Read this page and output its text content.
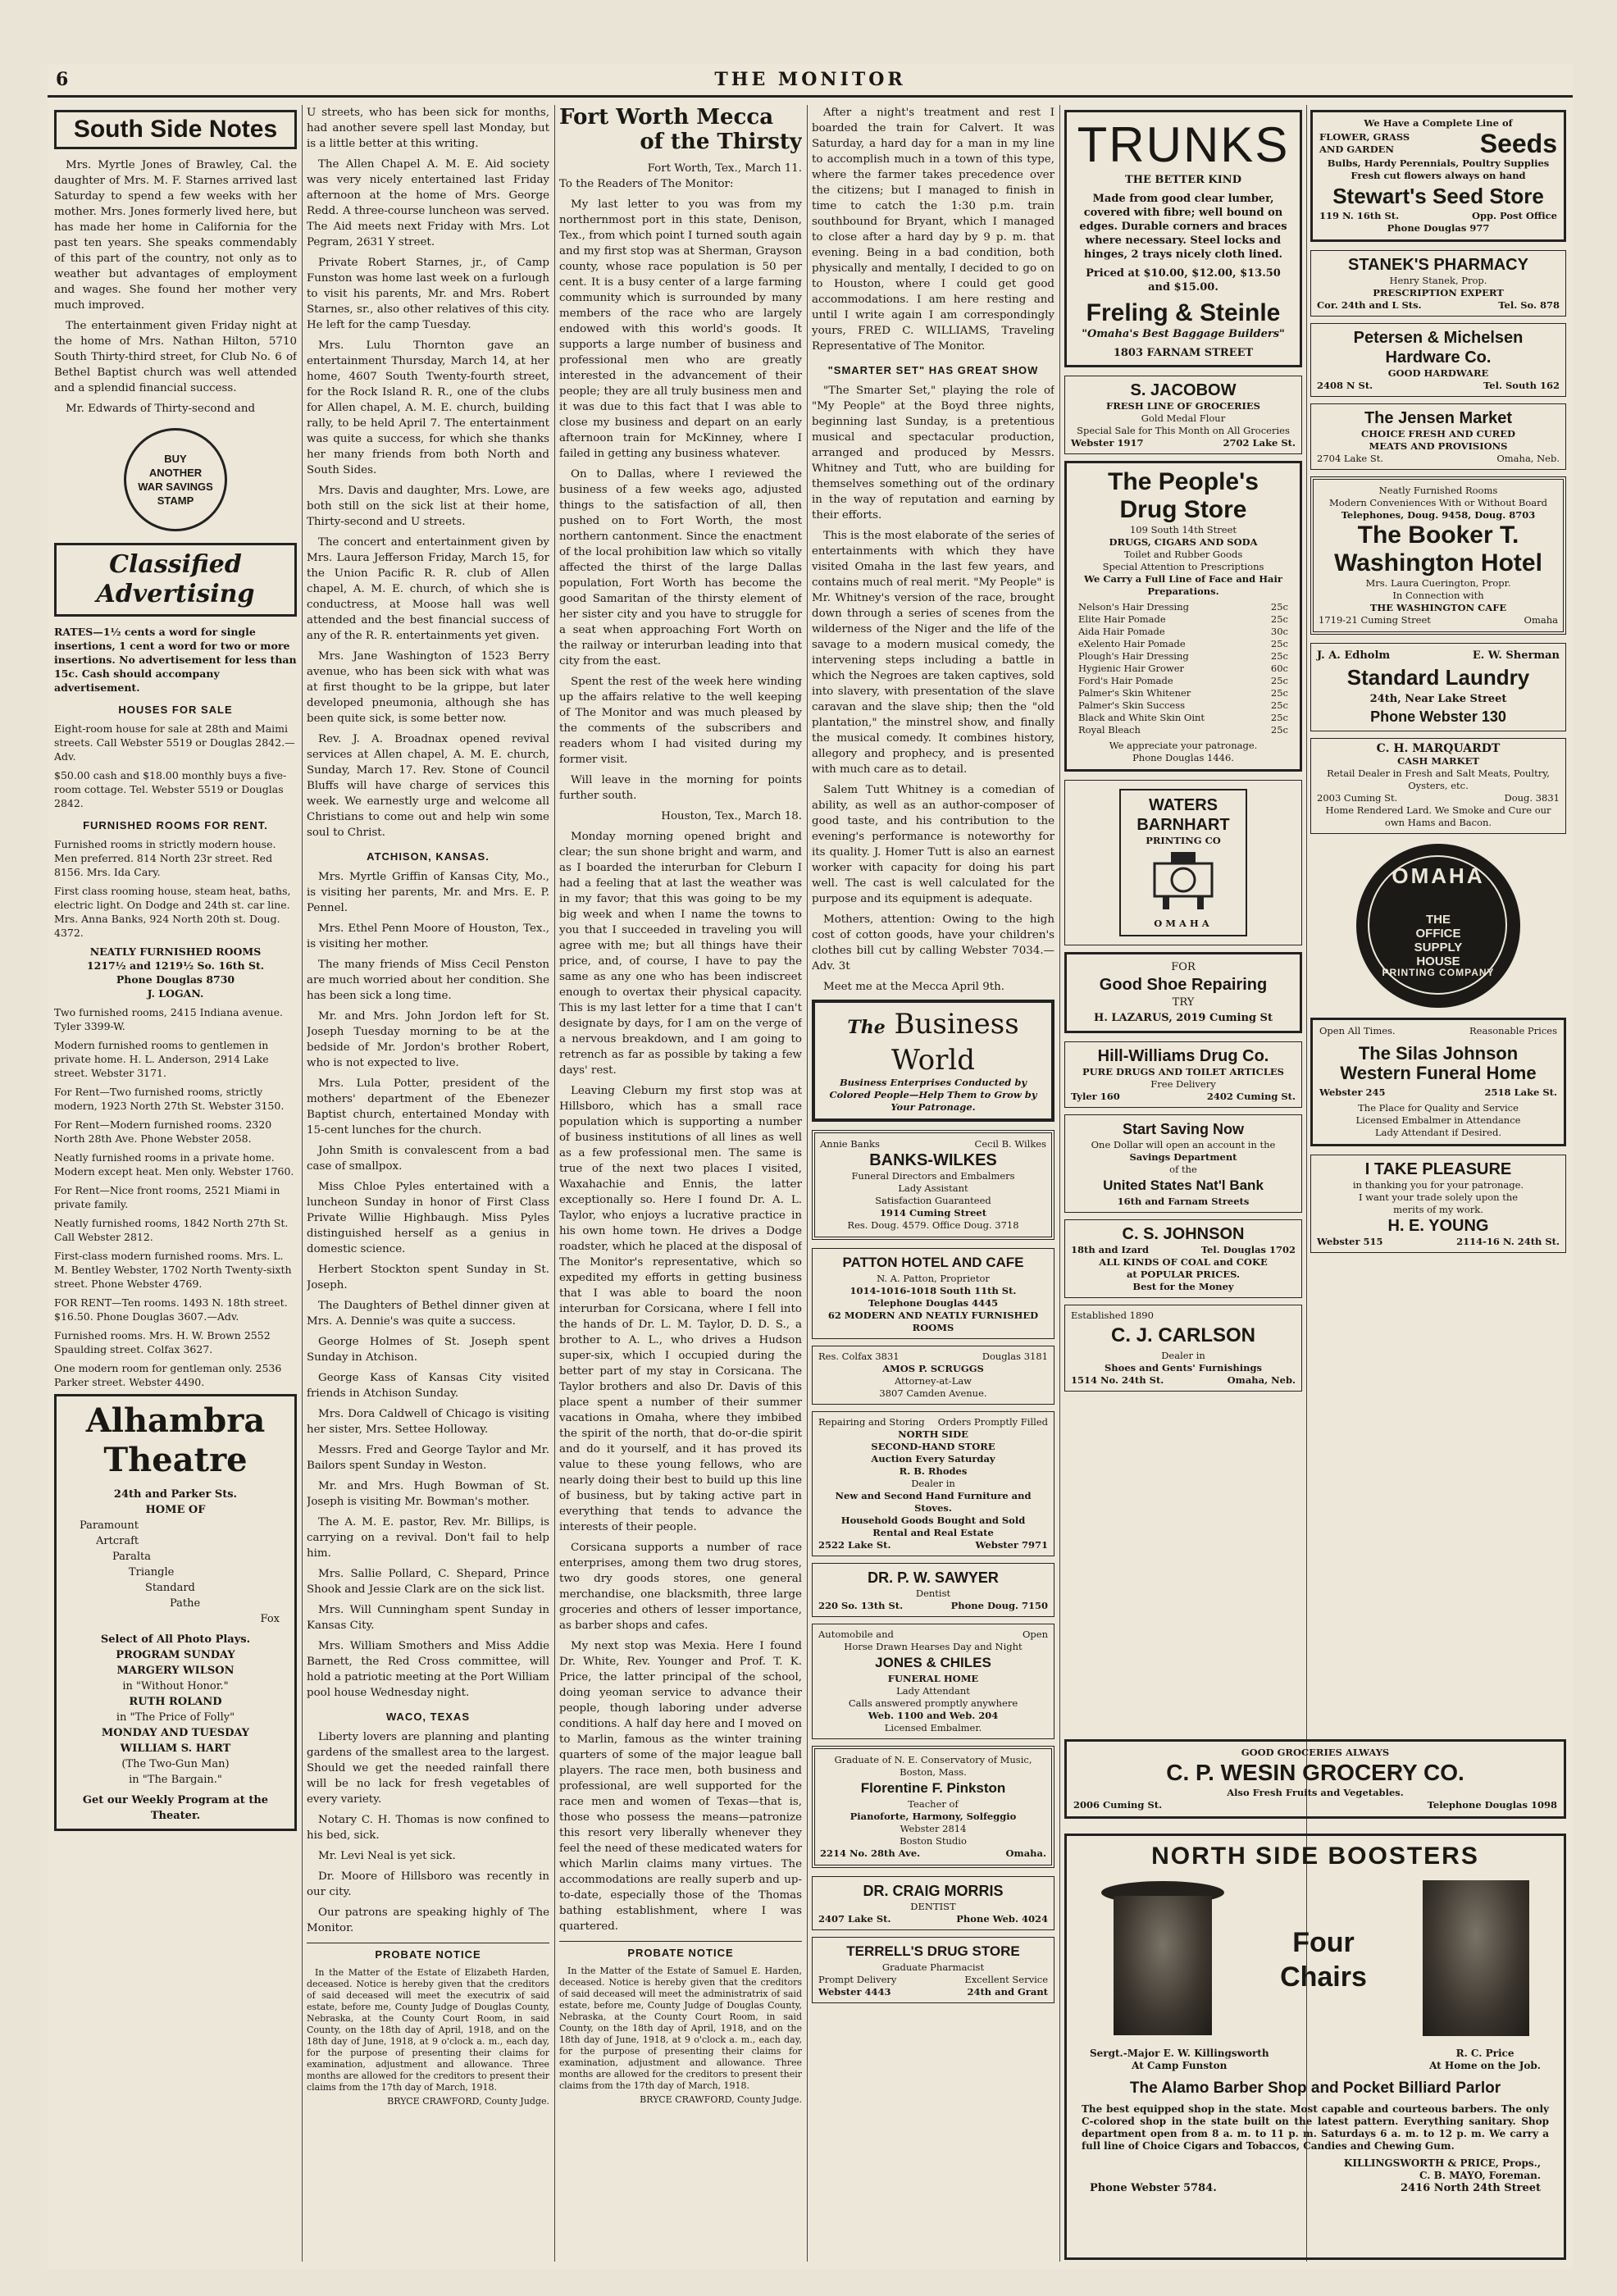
6	THE MONITOR
South Side Notes

Mrs. Myrtle Jones of Brawley, Cal. the daughter of Mrs. M. F. Starnes arrived last Saturday to spend a few weeks with her mother. Mrs. Jones formerly lived here, but has made her home in California for the past ten years. She speaks commendably of this part of the country, not only as to weather but advantages of employment and wages. She found her mother very much improved.

The entertainment given Friday night at the home of Mrs. Nathan Hilton, 5710 South Thirty-third street, for Club No. 6 of Bethel Baptist church was well attended and a splendid financial success.

Mr. Edwards of Thirty-second and

BUY
ANOTHER
WAR SAVINGS
STAMP
Classified
Advertising

RATES—1½ cents a word for single insertions, 1 cent a word for two or more insertions. No advertisement for less than 15c. Cash should accompany advertisement.

HOUSES FOR SALE

Eight-room house for sale at 28th and Maimi streets. Call Webster 5519 or Douglas 2842.—Adv.

$50.00 cash and $18.00 monthly buys a five-room cottage. Tel. Webster 5519 or Douglas 2842.

FURNISHED ROOMS FOR RENT.

Furnished rooms in strictly modern house. Men preferred. 814 North 23r street. Red 8156. Mrs. Ida Cary.

First class rooming house, steam heat, baths, electric light. On Dodge and 24th st. car line. Mrs. Anna Banks, 924 North 20th st. Doug. 4372.

NEATLY FURNISHED ROOMS
1217½ and 1219½ So. 16th St.
Phone Douglas 8730
J. LOGAN.

Two furnished rooms, 2415 Indiana avenue. Tyler 3399-W.

Modern furnished rooms to gentlemen in private home. H. L. Anderson, 2914 Lake street. Webster 3171.

For Rent—Two furnished rooms, strictly modern, 1923 North 27th St. Webster 3150.

For Rent—Modern furnished rooms. 2320 North 28th Ave. Phone Webster 2058.

Neatly furnished rooms in a private home. Modern except heat. Men only. Webster 1760.

For Rent—Nice front rooms, 2521 Miami in private family.

Neatly furnished rooms, 1842 North 27th St. Call Webster 2812.

First-class modern furnished rooms. Mrs. L. M. Bentley Webster, 1702 North Twenty-sixth street. Phone Webster 4769.

FOR RENT—Ten rooms. 1493 N. 18th street. $16.50. Phone Douglas 3607.—Adv.

Furnished rooms. Mrs. H. W. Brown 2552 Spaulding street. Colfax 3627.

One modern room for gentleman only. 2536 Parker street. Webster 4490.

Alhambra
Theatre
24th and Parker Sts.
HOME OF
Paramount
Artcraft
Paralta
Triangle
Standard
Pathe
Fox
Select of All Photo Plays.
PROGRAM SUNDAY
MARGERY WILSON
in "Without Honor."
RUTH ROLAND
in "The Price of Folly"
MONDAY AND TUESDAY
WILLIAM S. HART
(The Two-Gun Man)
in "The Bargain."
Get our Weekly Program at the Theater.

U streets, who has been sick for months, had another severe spell last Monday, but is a little better at this writing.

The Allen Chapel A. M. E. Aid society was very nicely entertained last Friday afternoon at the home of Mrs. George Redd. A three-course luncheon was served. The Aid meets next Friday with Mrs. Lot Pegram, 2631 Y street.

Private Robert Starnes, jr., of Camp Funston was home last week on a furlough to visit his parents, Mr. and Mrs. Robert Starnes, sr., also other relatives of this city. He left for the camp Tuesday.

Mrs. Lulu Thornton gave an entertainment Thursday, March 14, at her home, 4607 South Twenty-fourth street, for the Rock Island R. R., one of the clubs for Allen chapel, A. M. E. church, building rally, to be held April 7. The entertainment was quite a success, for which she thanks her many friends from both North and South Sides.

Mrs. Davis and daughter, Mrs. Lowe, are both still on the sick list at their home, Thirty-second and U streets.

The concert and entertainment given by Mrs. Laura Jefferson Friday, March 15, for the Union Pacific R. R. club of Allen chapel, A. M. E. church, of which she is conductress, at Moose hall was well attended and the best financial success of any of the R. R. entertainments yet given.

Mrs. Jane Washington of 1523 Berry avenue, who has been sick with what was at first thought to be la grippe, but later developed pneumonia, although she has been quite sick, is some better now.

Rev. J. A. Broadnax opened revival services at Allen chapel, A. M. E. church, Sunday, March 17. Rev. Stone of Council Bluffs will have charge of services this week. We earnestly urge and welcome all Christians to come out and help win some soul to Christ.

ATCHISON, KANSAS.

Mrs. Myrtle Griffin of Kansas City, Mo., is visiting her parents, Mr. and Mrs. E. P. Pennel.

Mrs. Ethel Penn Moore of Houston, Tex., is visiting her mother.

The many friends of Miss Cecil Penston are much worried about her condition. She has been sick a long time.

Mr. and Mrs. John Jordon left for St. Joseph Tuesday morning to be at the bedside of Mr. Jordon's brother Robert, who is not expected to live.

Mrs. Lula Potter, president of the mothers' department of the Ebenezer Baptist church, entertained Monday with 15-cent lunches for the church.

John Smith is convalescent from a bad case of smallpox.

Miss Chloe Pyles entertained with a luncheon Sunday in honor of First Class Private Willie Highbaugh. Miss Pyles distinguished herself as a genius in domestic science.

Herbert Stockton spent Sunday in St. Joseph.

The Daughters of Bethel dinner given at Mrs. A. Dennie's was quite a success.

George Holmes of St. Joseph spent Sunday in Atchison.

George Kass of Kansas City visited friends in Atchison Sunday.

Mrs. Dora Caldwell of Chicago is visiting her sister, Mrs. Settee Holloway.

Messrs. Fred and George Taylor and Mr. Bailors spent Sunday in Weston.

Mr. and Mrs. Hugh Bowman of St. Joseph is visiting Mr. Bowman's mother.

The A. M. E. pastor, Rev. Mr. Billips, is carrying on a revival. Don't fail to help him.

Mrs. Sallie Pollard, C. Shepard, Prince Shook and Jessie Clark are on the sick list.

Mrs. Will Cunningham spent Sunday in Kansas City.

Mrs. William Smothers and Miss Addie Barnett, the Red Cross committee, will hold a patriotic meeting at the Port William pool house Wednesday night.

WACO, TEXAS

Liberty lovers are planning and planting gardens of the smallest area to the largest. Should we get the needed rainfall there will be no lack for fresh vegetables of every variety.

Notary C. H. Thomas is now confined to his bed, sick.

Mr. Levi Neal is yet sick.

Dr. Moore of Hillsboro was recently in our city.

Our patrons are speaking highly of The Monitor.

PROBATE NOTICE

In the Matter of the Estate of Elizabeth Harden, deceased. Notice is hereby given that the creditors of said deceased will meet the executrix of said estate, before me, County Judge of Douglas County, Nebraska, at the County Court Room, in said County, on the 18th day of April, 1918, and on the 18th day of June, 1918, at 9 o'clock a. m., each day, for the purpose of presenting their claims for examination, adjustment and allowance. Three months are allowed for the creditors to present their claims from the 17th day of March, 1918.

BRYCE CRAWFORD, County Judge.
Fort Worth Mecca
of the Thirsty
Fort Worth, Tex., March 11.

To the Readers of The Monitor:

My last letter to you was from my northernmost port in this state, Denison, Tex., from which point I turned south again and my first stop was at Sherman, Grayson county, whose race population is 50 per cent. It is a busy center of a large farming community which is surrounded by many members of the race who are largely endowed with this world's goods. It supports a large number of business and professional men who are greatly interested in the advancement of their people; they are all truly business men and it was due to this fact that I was able to close my business and depart on an early afternoon train for McKinney, where I failed in getting any business whatever.

On to Dallas, where I reviewed the business of a few weeks ago, adjusted things to the satisfaction of all, then pushed on to Fort Worth, the most northern cantonment. Since the enactment of the local prohibition law which so vitally affected the thirst of the large Dallas population, Fort Worth has become the good Samaritan of the thirsty element of her sister city and you have to struggle for a seat when approaching Fort Worth on the railway or interurban leading into that city from the east.

Spent the rest of the week here winding up the affairs relative to the well keeping of The Monitor and was much pleased by the comments of the subscribers and readers whom I had visited during my former visit.

Will leave in the morning for points further south.

Houston, Tex., March 18.

Monday morning opened bright and clear; the sun shone bright and warm, and as I boarded the interurban for Cleburn I had a feeling that at last the weather was in my favor; that this was going to be my big week and when I name the towns to you that I succeeded in traveling you will agree with me; but all things have their price, and, of course, I have to pay the same as any one who has been indiscreet enough to overtax their physical capacity. This is my last letter for a time that I can't designate by days, for I am on the verge of a nervous breakdown, and I am going to retrench as far as possible by taking a few days' rest.

Leaving Cleburn my first stop was at Hillsboro, which has a small race population which is supporting a number of business institutions of all lines as well as a few professional men. The same is true of the next two places I visited, Waxahachie and Ennis, the latter exceptionally so. Here I found Dr. A. L. Taylor, who enjoys a lucrative practice in his own home town. He drives a Dodge roadster, which he placed at the disposal of The Monitor's representative, which so expedited my efforts in getting business that I was able to board the noon interurban for Corsicana, where I fell into the hands of Dr. L. M. Taylor, D. D. S., a brother to A. L., who drives a Hudson super-six, which I occupied during the better part of my stay in Corsicana. The Taylor brothers and also Dr. Davis of this place spent a number of their summer vacations in Omaha, where they imbibed the spirit of the north, that do-or-die spirit and do it yourself, and it has proved its value to these young fellows, who are nearly doing their best to build up this line of business, but by taking active part in everything that tends to advance the interests of their people.

Corsicana supports a number of race enterprises, among them two drug stores, two dry goods stores, one general merchandise, one blacksmith, three large groceries and others of lesser importance, as barber shops and cafes.

My next stop was Mexia. Here I found Dr. White, Rev. Younger and Prof. T. K. Price, the latter principal of the school, doing yeoman service to advance their people, though laboring under adverse conditions. A half day here and I moved on to Marlin, famous as the winter training quarters of some of the major league ball players. The race men, both business and professional, are well supported for the race men and women of Texas—that is, those who possess the means—patronize this resort very liberally whenever they feel the need of these medicated waters for which Marlin claims many virtues. The accommodations are really superb and up-to-date, especially those of the Thomas bathing establishment, where I was quartered.

PROBATE NOTICE

In the Matter of the Estate of Samuel E. Harden, deceased. Notice is hereby given that the creditors of said deceased will meet the administratrix of said estate, before me, County Judge of Douglas County, Nebraska, at the County Court Room, in said County, on the 18th day of April, 1918, and on the 18th day of June, 1918, at 9 o'clock a. m., each day, for the purpose of presenting their claims for examination, adjustment and allowance. Three months are allowed for the creditors to present their claims from the 17th day of March, 1918.

BRYCE CRAWFORD, County Judge.

After a night's treatment and rest I boarded the train for Calvert. It was Saturday, a hard day for a man in my line to accomplish much in a town of this type, where the farmer takes precedence over the citizens; but I managed to finish in time to catch the 1:30 p.m. train southbound for Bryant, which I managed to close after a hard day by 9 p. m. that evening. Being in a bad condition, both physically and mentally, I decided to go on to Houston, where I could get good accommodations. I am here resting and until I write again I am correspondingly yours, FRED C. WILLIAMS, Traveling Representative of The Monitor.

"SMARTER SET" HAS GREAT SHOW

"The Smarter Set," playing the role of "My People" at the Boyd three nights, beginning last Sunday, is a pretentious musical and spectacular production, arranged and produced by Messrs. Whitney and Tutt, who are building for themselves something out of the ordinary in the way of reputation and earning by their efforts.

This is the most elaborate of the series of entertainments with which they have visited Omaha in the last few years, and contains much of real merit. "My People" is Mr. Whitney's version of the race, brought down through a series of scenes from the wilderness of the Niger and the life of the savage to a modern musical comedy, the intervening steps including a battle in which the Negroes are taken captives, sold into slavery, with presentation of the slave caravan and the slave ship; then the "old plantation," the minstrel show, and finally the musical comedy. It combines history, allegory and prophecy, and is presented with much care as to detail.

Salem Tutt Whitney is a comedian of ability, as well as an author-composer of good taste, and his contribution to the evening's performance is noteworthy for its quality. J. Homer Tutt is also an earnest worker with capacity for doing his part well. The cast is well calculated for the purpose and its equipment is adequate.

Mothers, attention: Owing to the high cost of cotton goods, have your children's clothes bill cut by calling Webster 7034.—Adv. 3t

Meet me at the Mecca April 9th.

The Business
World
Business Enterprises Conducted by Colored People—Help Them to Grow by Your Patronage.
Annie Banks	Cecil B. Wilkes
BANKS-WILKES
Funeral Directors and Embalmers
Lady Assistant
Satisfaction Guaranteed
1914 Cuming Street
Res. Doug. 4579. Office Doug. 3718
PATTON HOTEL AND CAFE
N. A. Patton, Proprietor
1014-1016-1018 South 11th St.
Telephone Douglas 4445
62 MODERN AND NEATLY FURNISHED ROOMS
Res. Colfax 3831	Douglas 3181
AMOS P. SCRUGGS
Attorney-at-Law
3807 Camden Avenue.
Repairing and Storing Orders Promptly Filled
NORTH SIDE
SECOND-HAND STORE
Auction Every Saturday
R. B. Rhodes
Dealer in
New and Second Hand Furniture and Stoves.
Household Goods Bought and Sold
Rental and Real Estate
2522 Lake St.	Webster 7971
DR. P. W. SAWYER
Dentist
220 So. 13th St.	Phone Doug. 7150
Automobile and	Open
Horse Drawn Hearses Day and Night
JONES & CHILES
FUNERAL HOME
Lady Attendant
Calls answered promptly anywhere
Web. 1100 and Web. 204
Licensed Embalmer.
Graduate of N. E. Conservatory of Music, Boston, Mass.
Florentine F. Pinkston
Teacher of
Pianoforte, Harmony, Solfeggio
Webster 2814
Boston Studio
2214 No. 28th Ave.	Omaha.
DR. CRAIG MORRIS
DENTIST
2407 Lake St.	Phone Web. 4024
TERRELL'S DRUG STORE
Graduate Pharmacist
Prompt Delivery	Excellent Service
Webster 4443	24th and Grant
TRUNKS
THE BETTER KIND
Made from good clear lumber, covered with fibre; well bound on edges. Durable corners and braces where necessary. Steel locks and hinges, 2 trays nicely cloth lined.
Priced at $10.00, $12.00, $13.50 and $15.00.
Freling & Steinle
"Omaha's Best Baggage Builders"
1803 FARNAM STREET
S. JACOBOW
FRESH LINE OF GROCERIES
Gold Medal Flour
Special Sale for This Month on All Groceries
Webster 1917	2702 Lake St.
The People's
Drug Store
109 South 14th Street
DRUGS, CIGARS AND SODA
Toilet and Rubber Goods
Special Attention to Prescriptions
We Carry a Full Line of Face and Hair Preparations.
Nelson's Hair Dressing	25c
Elite Hair Pomade	25c
Aida Hair Pomade	30c
eXelento Hair Pomade	25c
Plough's Hair Dressing	25c
Hygienic Hair Grower	60c
Ford's Hair Pomade	25c
Palmer's Skin Whitener	25c
Palmer's Skin Success	25c
Black and White Skin Oint	25c
Royal Bleach	25c
We appreciate your patronage.
Phone Douglas 1446.
WATERS
BARNHART
PRINTING CO
OMAHA
FOR
Good Shoe Repairing
TRY
H. LAZARUS, 2019 Cuming St
Hill-Williams Drug Co.
PURE DRUGS AND TOILET ARTICLES
Free Delivery
Tyler 160	2402 Cuming St.
Start Saving Now
One Dollar will open an account in the
Savings Department
of the
United States Nat'l Bank
16th and Farnam Streets
C. S. JOHNSON
18th and Izard	Tel. Douglas 1702
ALL KINDS OF COAL and COKE
at POPULAR PRICES.
Best for the Money
Established 1890
C. J. CARLSON
Dealer in
Shoes and Gents' Furnishings
1514 No. 24th St.	Omaha, Neb.
We Have a Complete Line of
FLOWER, GRASS AND GARDEN	Seeds
Bulbs, Hardy Perennials, Poultry Supplies
Fresh cut flowers always on hand
Stewart's Seed Store
119 N. 16th St.	Opp. Post Office
Phone Douglas 977
STANEK'S PHARMACY
Henry Stanek, Prop.
PRESCRIPTION EXPERT
Cor. 24th and L Sts.	Tel. So. 878
Petersen & Michelsen
Hardware Co.
GOOD HARDWARE
2408 N St.	Tel. South 162
The Jensen Market
CHOICE FRESH AND CURED
MEATS AND PROVISIONS
2704 Lake St.	Omaha, Neb.
Neatly Furnished Rooms
Modern Conveniences With or Without Board
Telephones, Doug. 9458, Doug. 8703
The Booker T.
Washington Hotel
Mrs. Laura Cuerington, Propr.
In Connection with
THE WASHINGTON CAFE
1719-21 Cuming Street	Omaha
J. A. Edholm	E. W. Sherman
Standard Laundry
24th, Near Lake Street
Phone Webster 130
C. H. MARQUARDT
CASH MARKET
Retail Dealer in Fresh and Salt Meats, Poultry, Oysters, etc.
2003 Cuming St.	Doug. 3831
Home Rendered Lard. We Smoke and Cure our own Hams and Bacon.
OMAHA
THE
OFFICE
SUPPLY
HOUSE
PRINTING COMPANY
Open All Times.	Reasonable Prices
The Silas Johnson
Western Funeral Home
Webster 245	2518 Lake St.
The Place for Quality and Service
Licensed Embalmer in Attendance
Lady Attendant if Desired.
I TAKE PLEASURE
in thanking you for your patronage.
I want your trade solely upon the
merits of my work.
H. E. YOUNG
Webster 515	2114-16 N. 24th St.
GOOD GROCERIES ALWAYS
C. P. WESIN GROCERY CO.
Also Fresh Fruits and Vegetables.
2006 Cuming St.	Telephone Douglas 1098
NORTH SIDE BOOSTERS
Four
Chairs
Sergt.-Major E. W. Killingsworth
At Camp Funston
R. C. Price
At Home on the Job.
The Alamo Barber Shop and Pocket Billiard Parlor
The best equipped shop in the state. Most capable and courteous barbers. The only C-colored shop in the state built on the latest pattern. Everything sanitary. Shop department open from 8 a. m. to 11 p. m. Saturdays 6 a. m. to 12 p. m. We carry a full line of Choice Cigars and Tobaccos, Candies and Chewing Gum.
KILLINGSWORTH & PRICE, Props.,
C. B. MAYO, Foreman.
Phone Webster 5784.	2416 North 24th Street
